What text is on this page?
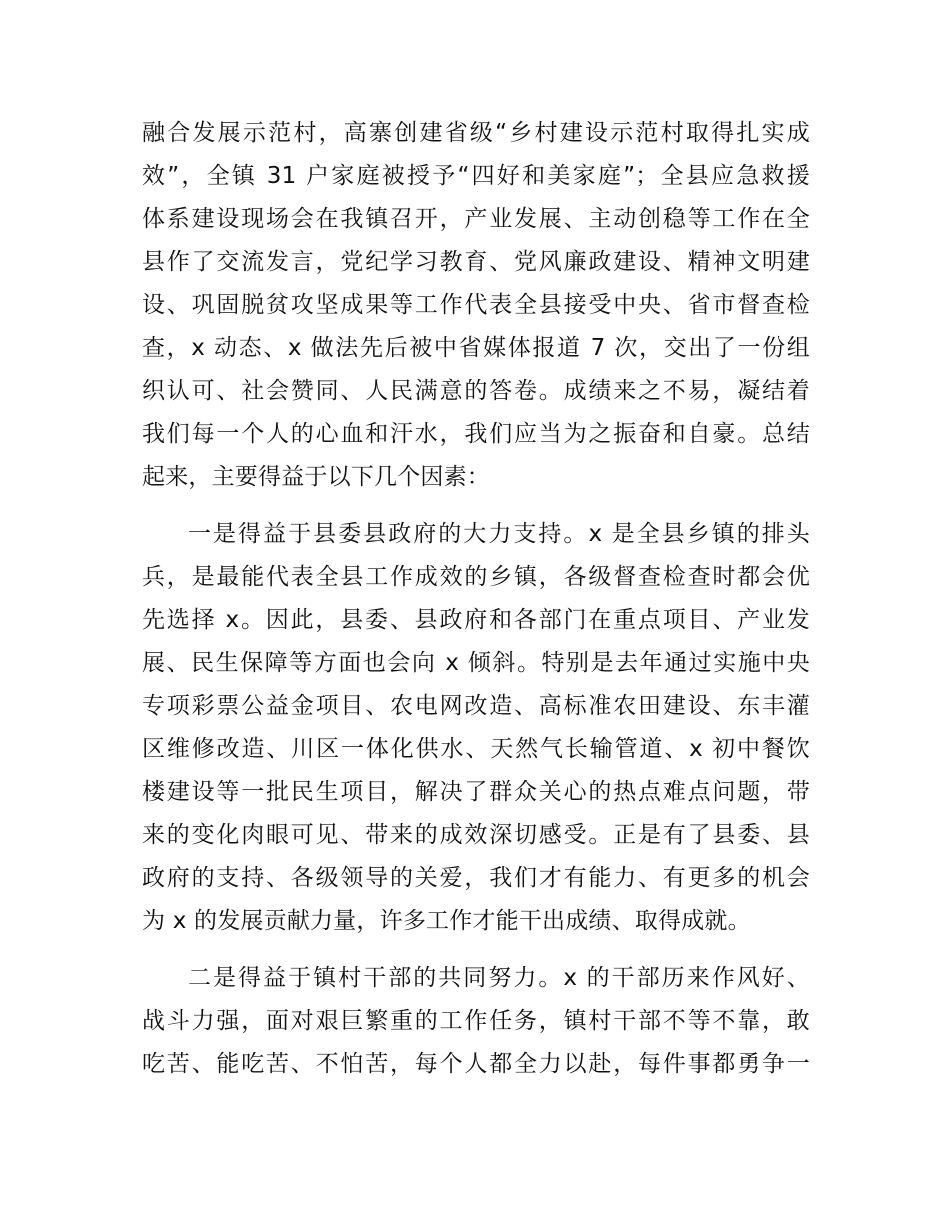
融合发展示范村，高寨创建省级“乡村建设示范村取得扎实成
效”，全镇 31 户家庭被授予“四好和美家庭”；全县应急救援
体系建设现场会在我镇召开，产业发展、主动创稳等工作在全
县作了交流发言，党纪学习教育、党风廉政建设、精神文明建
设、巩固脱贫攻坚成果等工作代表全县接受中央、省市督查检
查，x 动态、x 做法先后被中省媒体报道 7 次，交出了一份组
织认可、社会赞同、人民满意的答卷。成绩来之不易，凝结着
我们每一个人的心血和汗水，我们应当为之振奋和自豪。总结
起来，主要得益于以下几个因素：
一是得益于县委县政府的大力支持。x 是全县乡镇的排头
兵，是最能代表全县工作成效的乡镇，各级督查检查时都会优
先选择 x。因此，县委、县政府和各部门在重点项目、产业发
展、民生保障等方面也会向 x 倾斜。特别是去年通过实施中央
专项彩票公益金项目、农电网改造、高标准农田建设、东丰灌
区维修改造、川区一体化供水、天然气长输管道、x 初中餐饮
楼建设等一批民生项目，解决了群众关心的热点难点问题，带
来的变化肉眼可见、带来的成效深切感受。正是有了县委、县
政府的支持、各级领导的关爱，我们才有能力、有更多的机会
为 x 的发展贡献力量，许多工作才能干出成绩、取得成就。
二是得益于镇村干部的共同努力。x 的干部历来作风好、
战斗力强，面对艰巨繁重的工作任务，镇村干部不等不靠，敢
吃苦、能吃苦、不怕苦，每个人都全力以赴，每件事都勇争一
